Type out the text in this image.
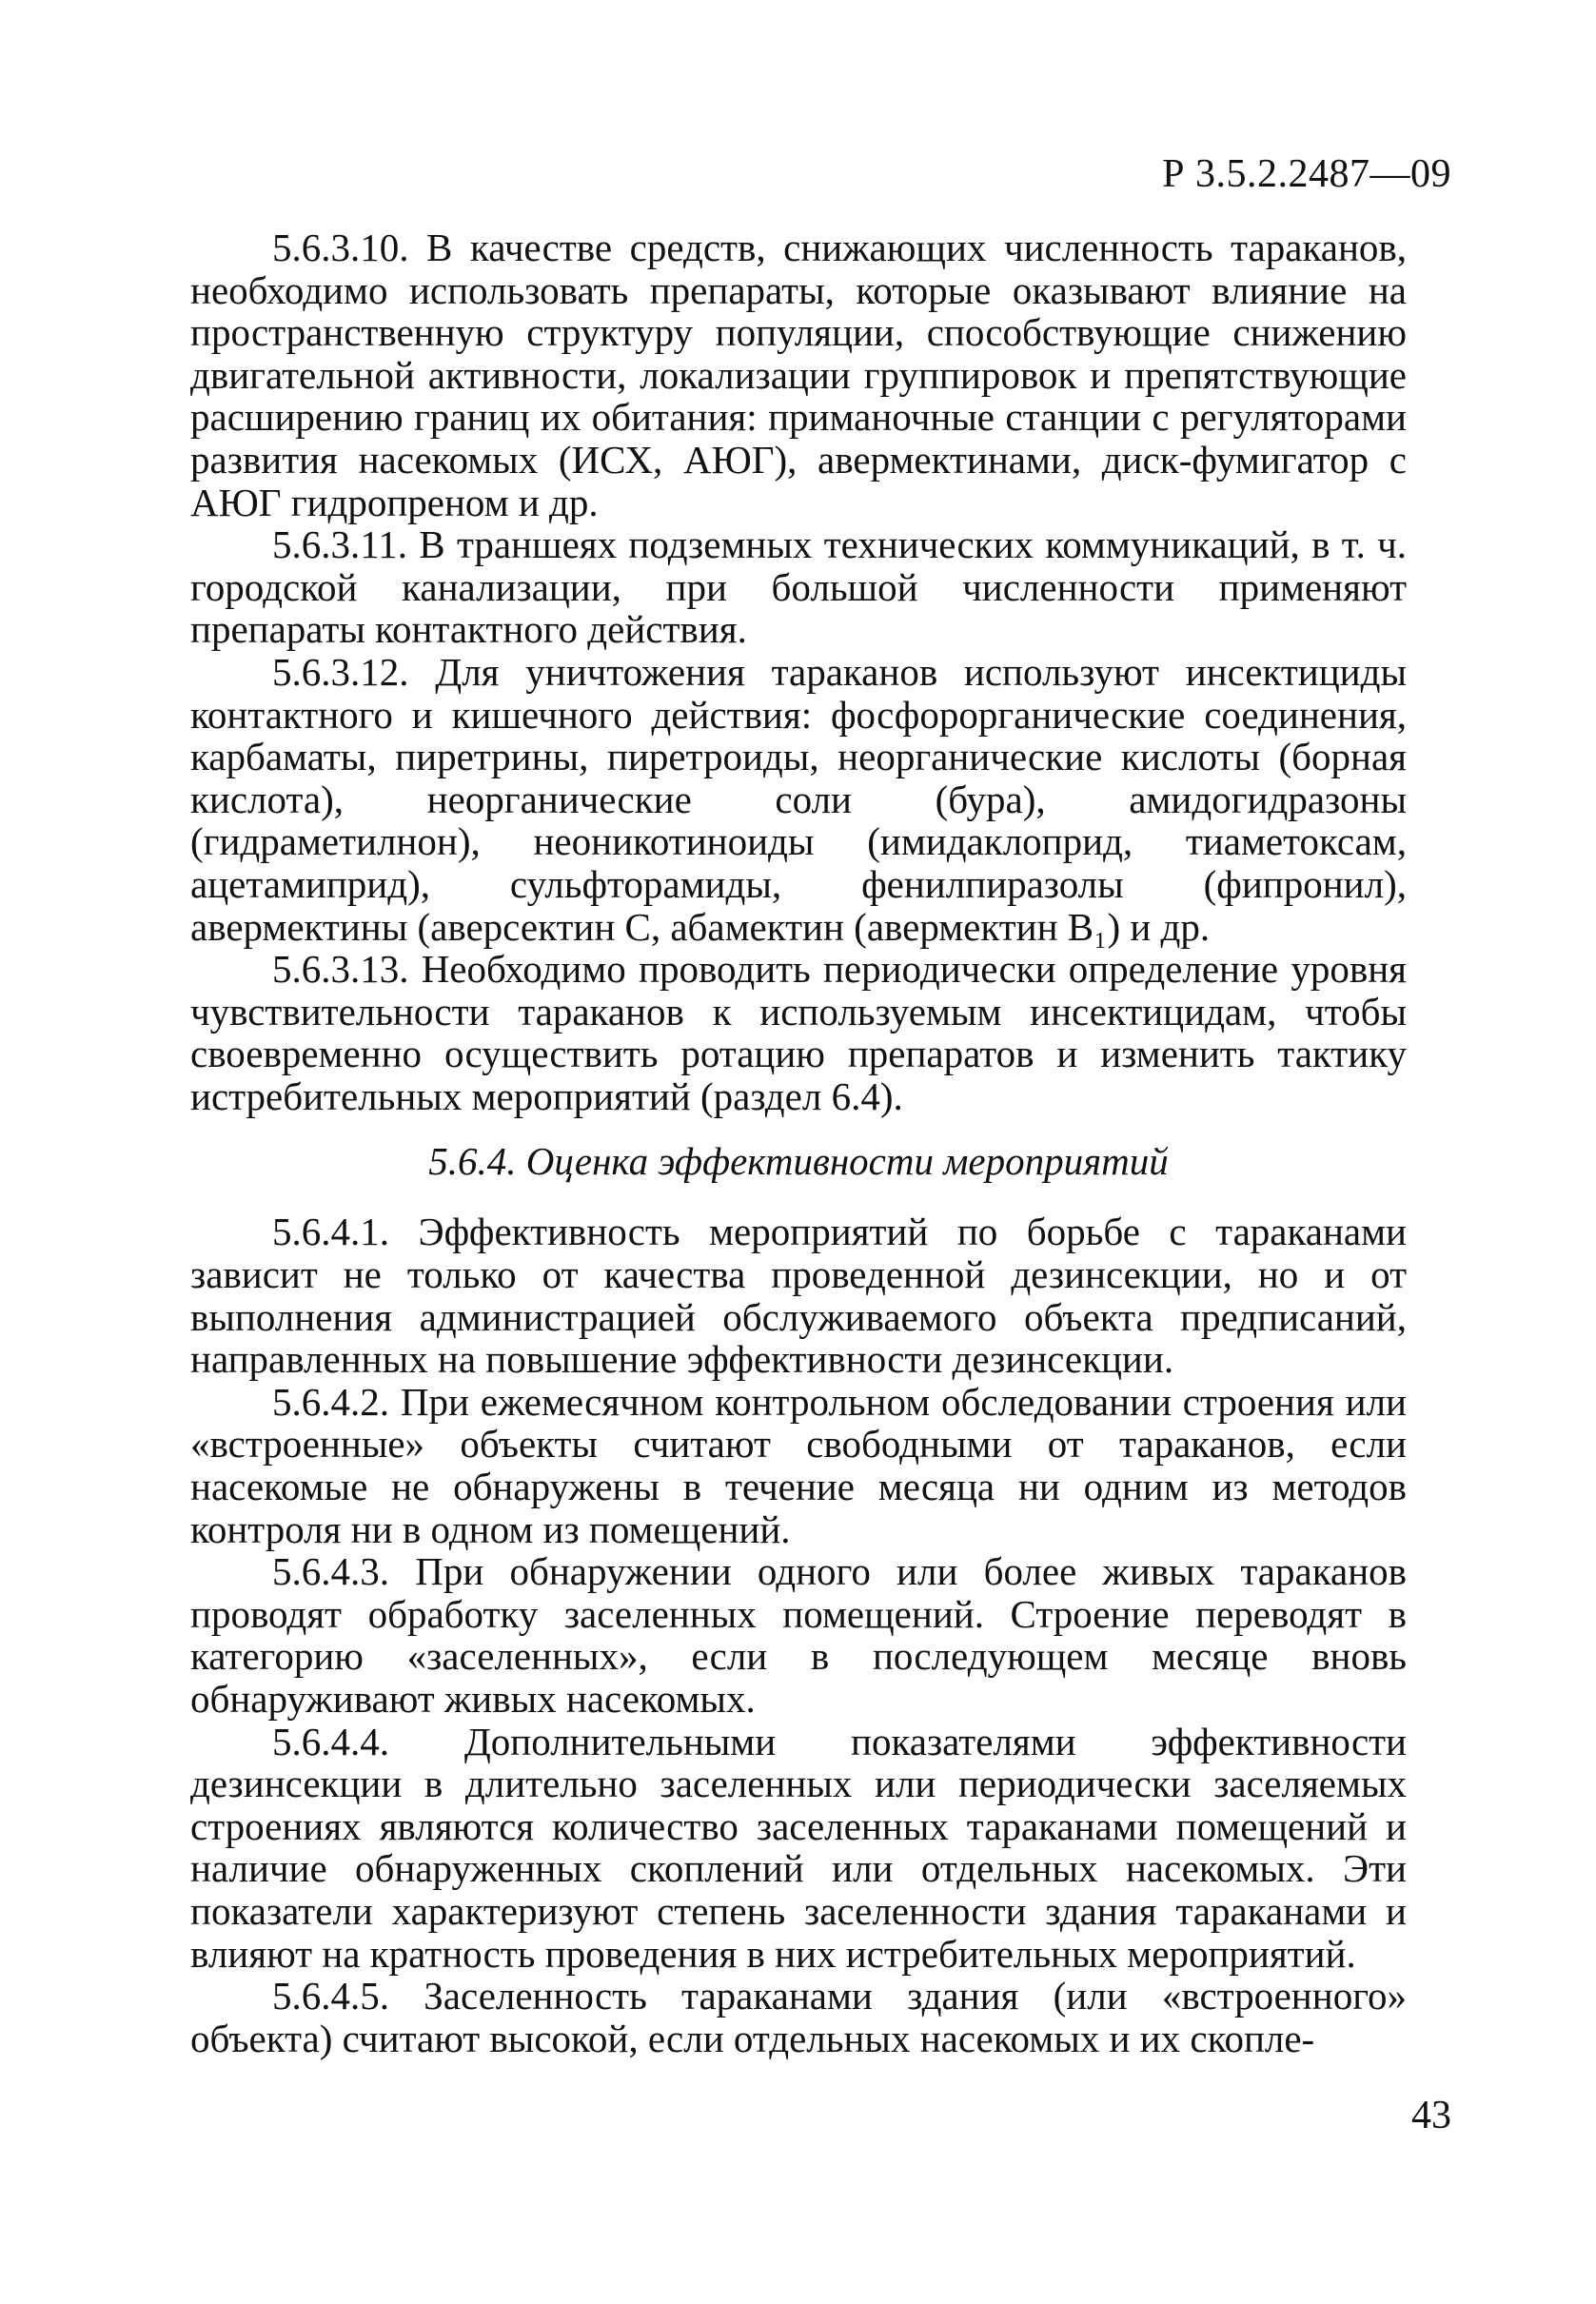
Р 3.5.2.2487—09

5.6.3.10. В качестве средств, снижающих численность тараканов, необходимо использовать препараты, которые оказывают влияние на пространственную структуру популяции, способствующие снижению двигательной активности, локализации группировок и препятствующие расширению границ их обитания: приманочные станции с регуляторами развития насекомых (ИСХ, АЮГ), авермектинами, диск-фумигатор с АЮГ гидропреном и др.

5.6.3.11. В траншеях подземных технических коммуникаций, в т. ч. городской канализации, при большой численности применяют препараты контактного действия.

5.6.3.12. Для уничтожения тараканов используют инсектициды контактного и кишечного действия: фосфорорганические соединения, карбаматы, пиретрины, пиретроиды, неорганические кислоты (борная кислота), неорганические соли (бура), амидогидразоны (гидраметилнон), неоникотиноиды (имидаклоприд, тиаметоксам, ацетамиприд), сульфторамиды, фенилпиразолы (фипронил), авермектины (аверсектин С, абамектин (авермектин B₁) и др.

5.6.3.13. Необходимо проводить периодически определение уровня чувствительности тараканов к используемым инсектицидам, чтобы своевременно осуществить ротацию препаратов и изменить тактику истребительных мероприятий (раздел 6.4).

5.6.4. Оценка эффективности мероприятий

5.6.4.1. Эффективность мероприятий по борьбе с тараканами зависит не только от качества проведенной дезинсекции, но и от выполнения администрацией обслуживаемого объекта предписаний, направленных на повышение эффективности дезинсекции.

5.6.4.2. При ежемесячном контрольном обследовании строения или «встроенные» объекты считают свободными от тараканов, если насекомые не обнаружены в течение месяца ни одним из методов контроля ни в одном из помещений.

5.6.4.3. При обнаружении одного или более живых тараканов проводят обработку заселенных помещений. Строение переводят в категорию «заселенных», если в последующем месяце вновь обнаруживают живых насекомых.

5.6.4.4. Дополнительными показателями эффективности дезинсекции в длительно заселенных или периодически заселяемых строениях являются количество заселенных тараканами помещений и наличие обнаруженных скоплений или отдельных насекомых. Эти показатели характеризуют степень заселенности здания тараканами и влияют на кратность проведения в них истребительных мероприятий.

5.6.4.5. Заселенность тараканами здания (или «встроенного» объекта) считают высокой, если отдельных насекомых и их скопле-

43
